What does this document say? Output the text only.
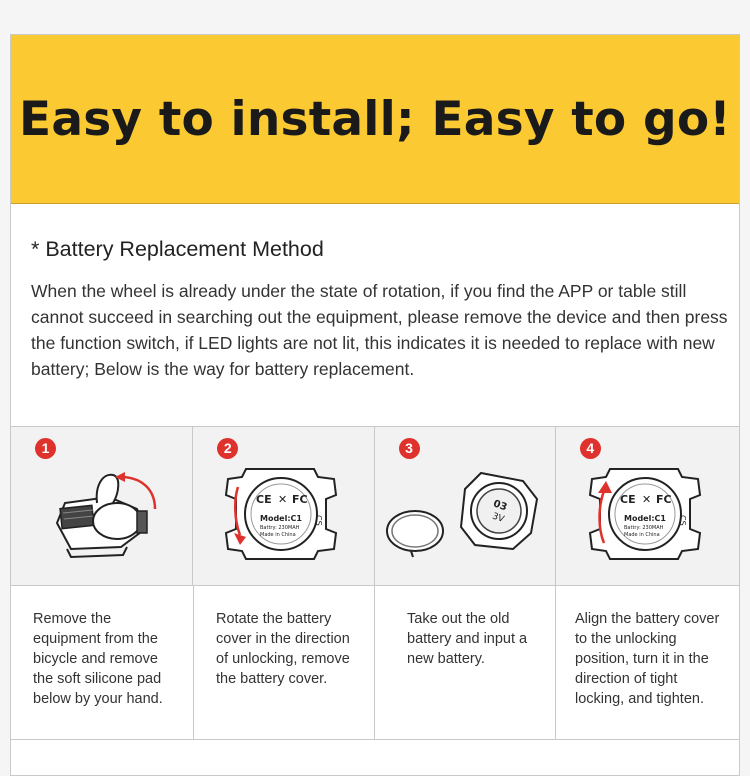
Easy to install; Easy to go!
* Battery Replacement Method

When the wheel is already under the state of rotation, if you find the APP or table still cannot succeed in searching out the equipment, please remove the device and then press the function switch, if LED lights are not lit, this indicates it is needed to replace with new battery; Below is the way for battery replacement.

1	2
CE ✕ FC
Model:C1
Battry: 230MAH
Made in China
CS
3
03
3V
4
CE ✕ FC
Model:C1
Battry: 230MAH
Made in China
CS
Remove the equipment from the bicycle and remove the soft silicone pad below by your hand.
Rotate the battery cover in the direction of unlocking, remove the battery cover.
Take out the old battery and input a new battery.
Align the battery cover to the unlocking position, turn it in the direction of tight locking, and tighten.
